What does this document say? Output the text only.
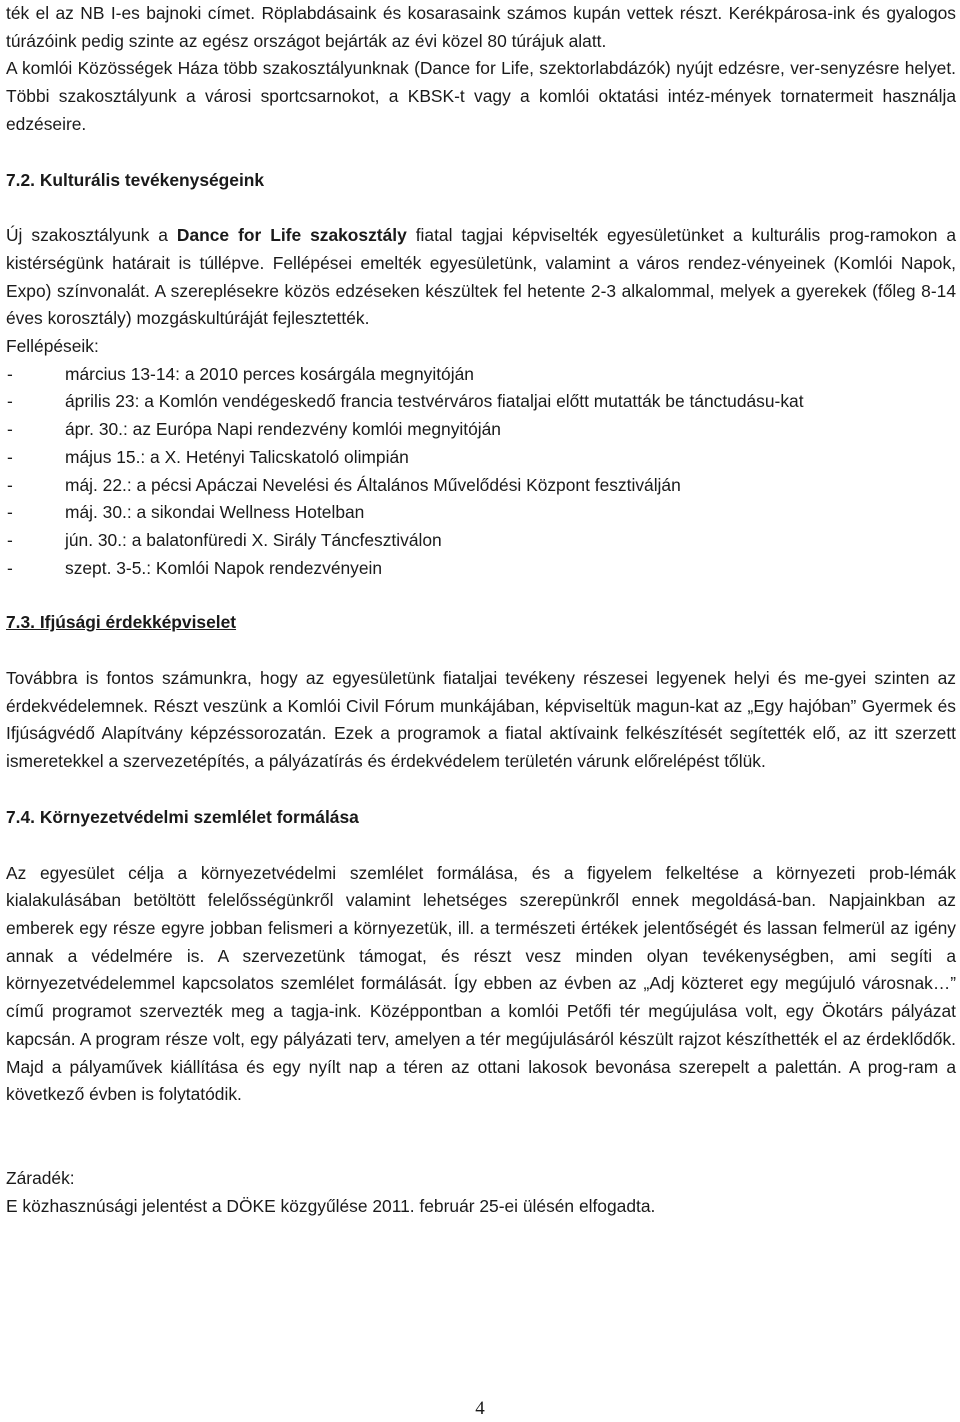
ték el az NB I-es bajnoki címet. Röplabdásaink és kosarasaink számos kupán vettek részt. Kerékpárosa-ink és gyalogos túrázóink pedig szinte az egész országot bejárták az évi közel 80 túrájuk alatt.

A komlói Közösségek Háza több szakosztályunknak (Dance for Life, szektorlabdázók) nyújt edzésre, ver-senyzésre helyet. Többi szakosztályunk a városi sportcsarnokot, a KBSK-t vagy a komlói oktatási intéz-mények tornatermeit használja edzéseire.

7.2. Kulturális tevékenységeink

Új szakosztályunk a Dance for Life szakosztály fiatal tagjai képviselték egyesületünket a kulturális prog-ramokon a kistérségünk határait is túllépve. Fellépései emelték egyesületünk, valamint a város rendez-vényeinek (Komlói Napok, Expo) színvonalát. A szereplésekre közös edzéseken készültek fel hetente 2-3 alkalommal, melyek a gyerekek (főleg 8-14 éves korosztály) mozgáskultúráját fejlesztették.

Fellépéseik:

-	március 13-14: a 2010 perces kosárgála megnyitóján
-	április 23: a Komlón vendégeskedő francia testvérváros fiataljai előtt mutatták be tánctudásu-kat
-	ápr. 30.: az Európa Napi rendezvény komlói megnyitóján
-	május 15.: a X. Hetényi Talicskatoló olimpián
-	máj. 22.: a pécsi Apáczai Nevelési és Általános Művelődési Központ fesztiválján
-	máj. 30.: a sikondai Wellness Hotelban
-	jún. 30.: a balatonfüredi X. Sirály Táncfesztiválon
-	szept. 3-5.: Komlói Napok rendezvényein
7.3. Ifjúsági érdekképviselet

Továbbra is fontos számunkra, hogy az egyesületünk fiataljai tevékeny részesei legyenek helyi és me-gyei szinten az érdekvédelemnek. Részt veszünk a Komlói Civil Fórum munkájában, képviseltük magun-kat az „Egy hajóban” Gyermek és Ifjúságvédő Alapítvány képzéssorozatán. Ezek a programok a fiatal aktívaink felkészítését segítették elő, az itt szerzett ismeretekkel a szervezetépítés, a pályázatírás és érdekvédelem területén várunk előrelépést tőlük.

7.4. Környezetvédelmi szemlélet formálása

Az egyesület célja a környezetvédelmi szemlélet formálása, és a figyelem felkeltése a környezeti prob-lémák kialakulásában betöltött felelősségünkről valamint lehetséges szerepünkről ennek megoldásá-ban. Napjainkban az emberek egy része egyre jobban felismeri a környezetük, ill. a természeti értékek jelentőségét és lassan felmerül az igény annak a védelmére is. A szervezetünk támogat, és részt vesz minden olyan tevékenységben, ami segíti a környezetvédelemmel kapcsolatos szemlélet formálását. Így ebben az évben az „Adj közteret egy megújuló városnak…” című programot szervezték meg a tagja-ink. Középpontban a komlói Petőfi tér megújulása volt, egy Ökotárs pályázat kapcsán. A program része volt, egy pályázati terv, amelyen a tér megújulásáról készült rajzot készíthették el az érdeklődők. Majd a pályaművek kiállítása és egy nyílt nap a téren az ottani lakosok bevonása szerepelt a palettán. A prog-ram a következő évben is folytatódik.

Záradék:

E közhasznúsági jelentést a DÖKE közgyűlése 2011. február 25-ei ülésén elfogadta.

4
